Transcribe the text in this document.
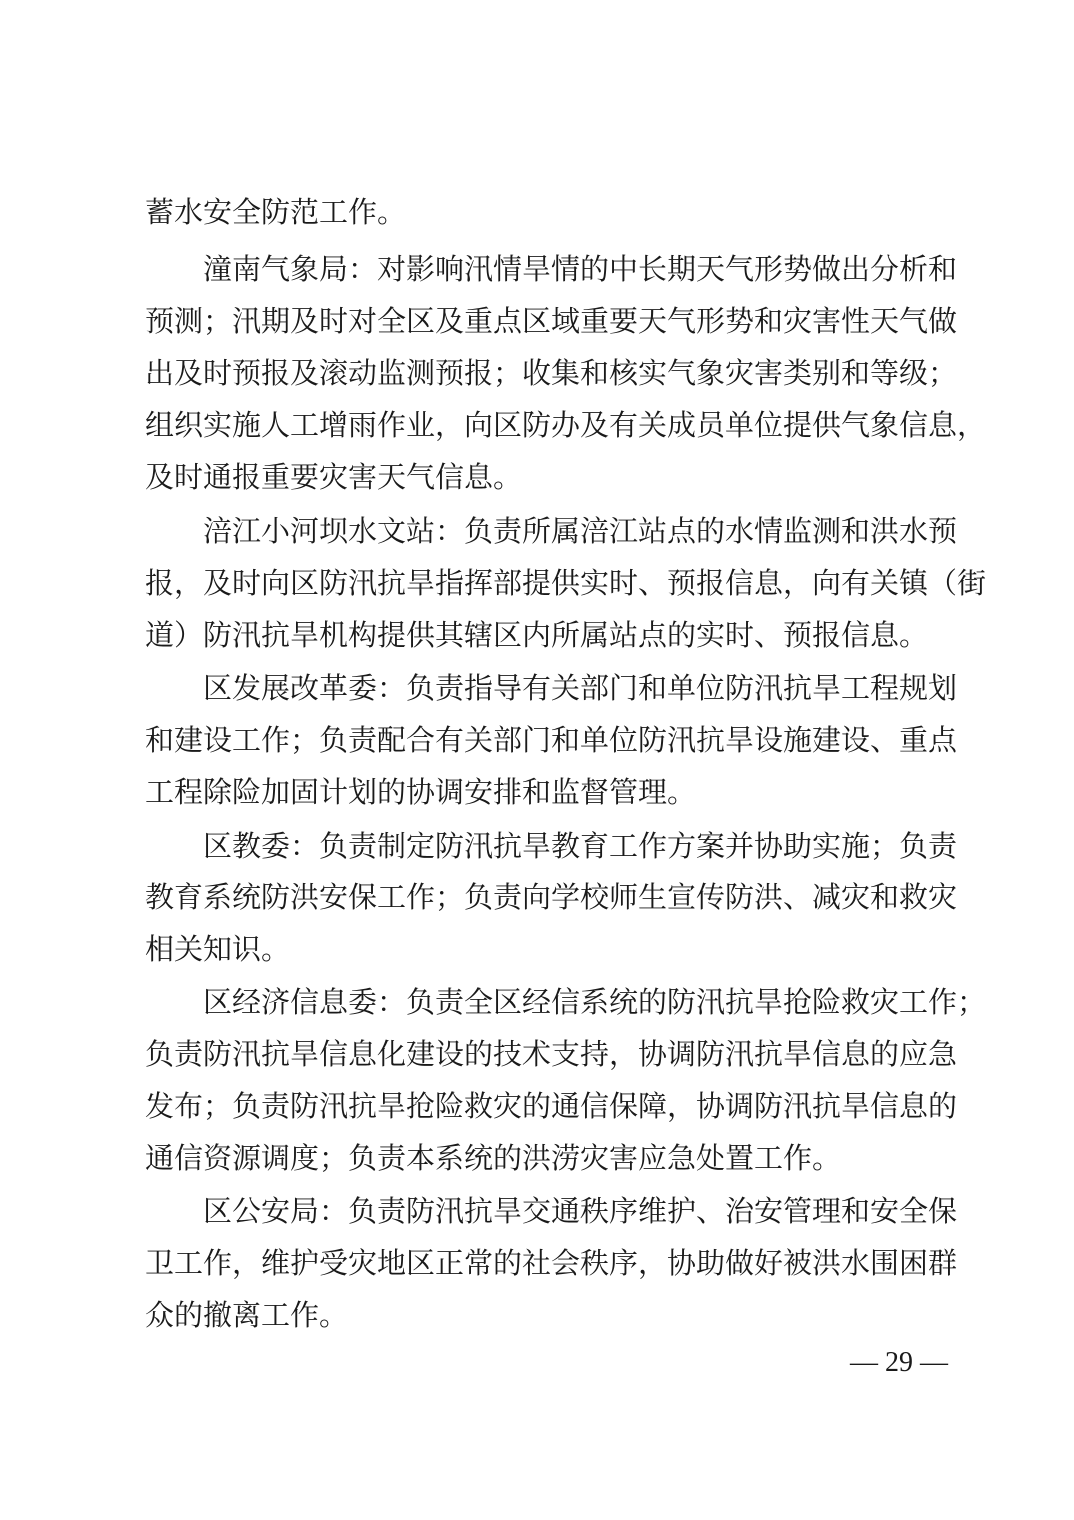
蓄水安全防范工作。
潼南气象局：对影响汛情旱情的中长期天气形势做出分析和
预测；汛期及时对全区及重点区域重要天气形势和灾害性天气做
出及时预报及滚动监测预报；收集和核实气象灾害类别和等级；
组织实施人工增雨作业，向区防办及有关成员单位提供气象信息，
及时通报重要灾害天气信息。
涪江小河坝水文站：负责所属涪江站点的水情监测和洪水预
报，及时向区防汛抗旱指挥部提供实时、预报信息，向有关镇（街
道）防汛抗旱机构提供其辖区内所属站点的实时、预报信息。
区发展改革委：负责指导有关部门和单位防汛抗旱工程规划
和建设工作；负责配合有关部门和单位防汛抗旱设施建设、重点
工程除险加固计划的协调安排和监督管理。
区教委：负责制定防汛抗旱教育工作方案并协助实施；负责
教育系统防洪安保工作；负责向学校师生宣传防洪、减灾和救灾
相关知识。
区经济信息委：负责全区经信系统的防汛抗旱抢险救灾工作；
负责防汛抗旱信息化建设的技术支持，协调防汛抗旱信息的应急
发布；负责防汛抗旱抢险救灾的通信保障，协调防汛抗旱信息的
通信资源调度；负责本系统的洪涝灾害应急处置工作。
区公安局：负责防汛抗旱交通秩序维护、治安管理和安全保
卫工作，维护受灾地区正常的社会秩序，协助做好被洪水围困群
众的撤离工作。
— 29 —
